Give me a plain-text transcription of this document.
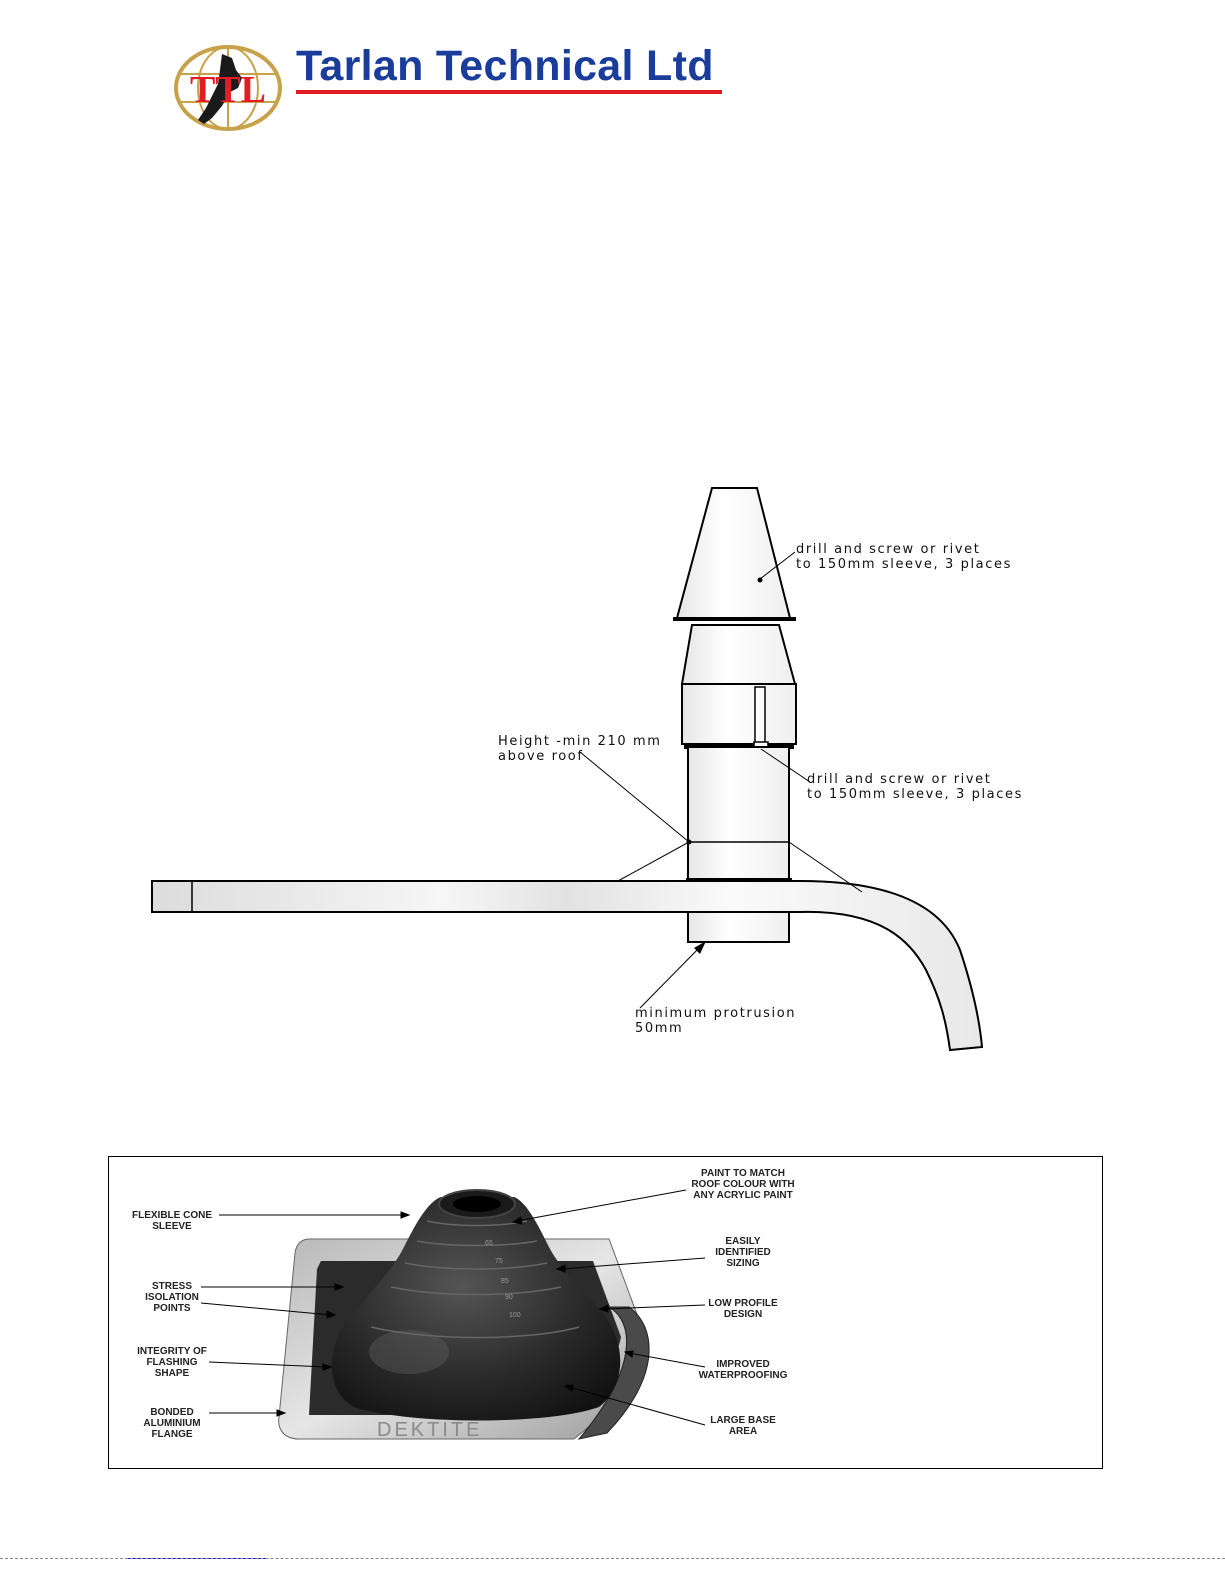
TTL Tarlan Technical Ltd
drill and screw or rivet
to 150mm sleeve, 3 places
drill and screw or rivet
to 150mm sleeve, 3 places
Height -min 210 mm
above roof
minimum protrusion
50mm
65
75
85
90
100
DEKTITE
FLEXIBLE CONE
SLEEVE
STRESS
ISOLATION
POINTS
INTEGRITY OF
FLASHING
SHAPE
BONDED
ALUMINIUM
FLANGE
PAINT TO MATCH
ROOF COLOUR WITH
ANY ACRYLIC PAINT
EASILY
IDENTIFIED
SIZING
LOW PROFILE
DESIGN
IMPROVED
WATERPROOFING
LARGE BASE
AREA
